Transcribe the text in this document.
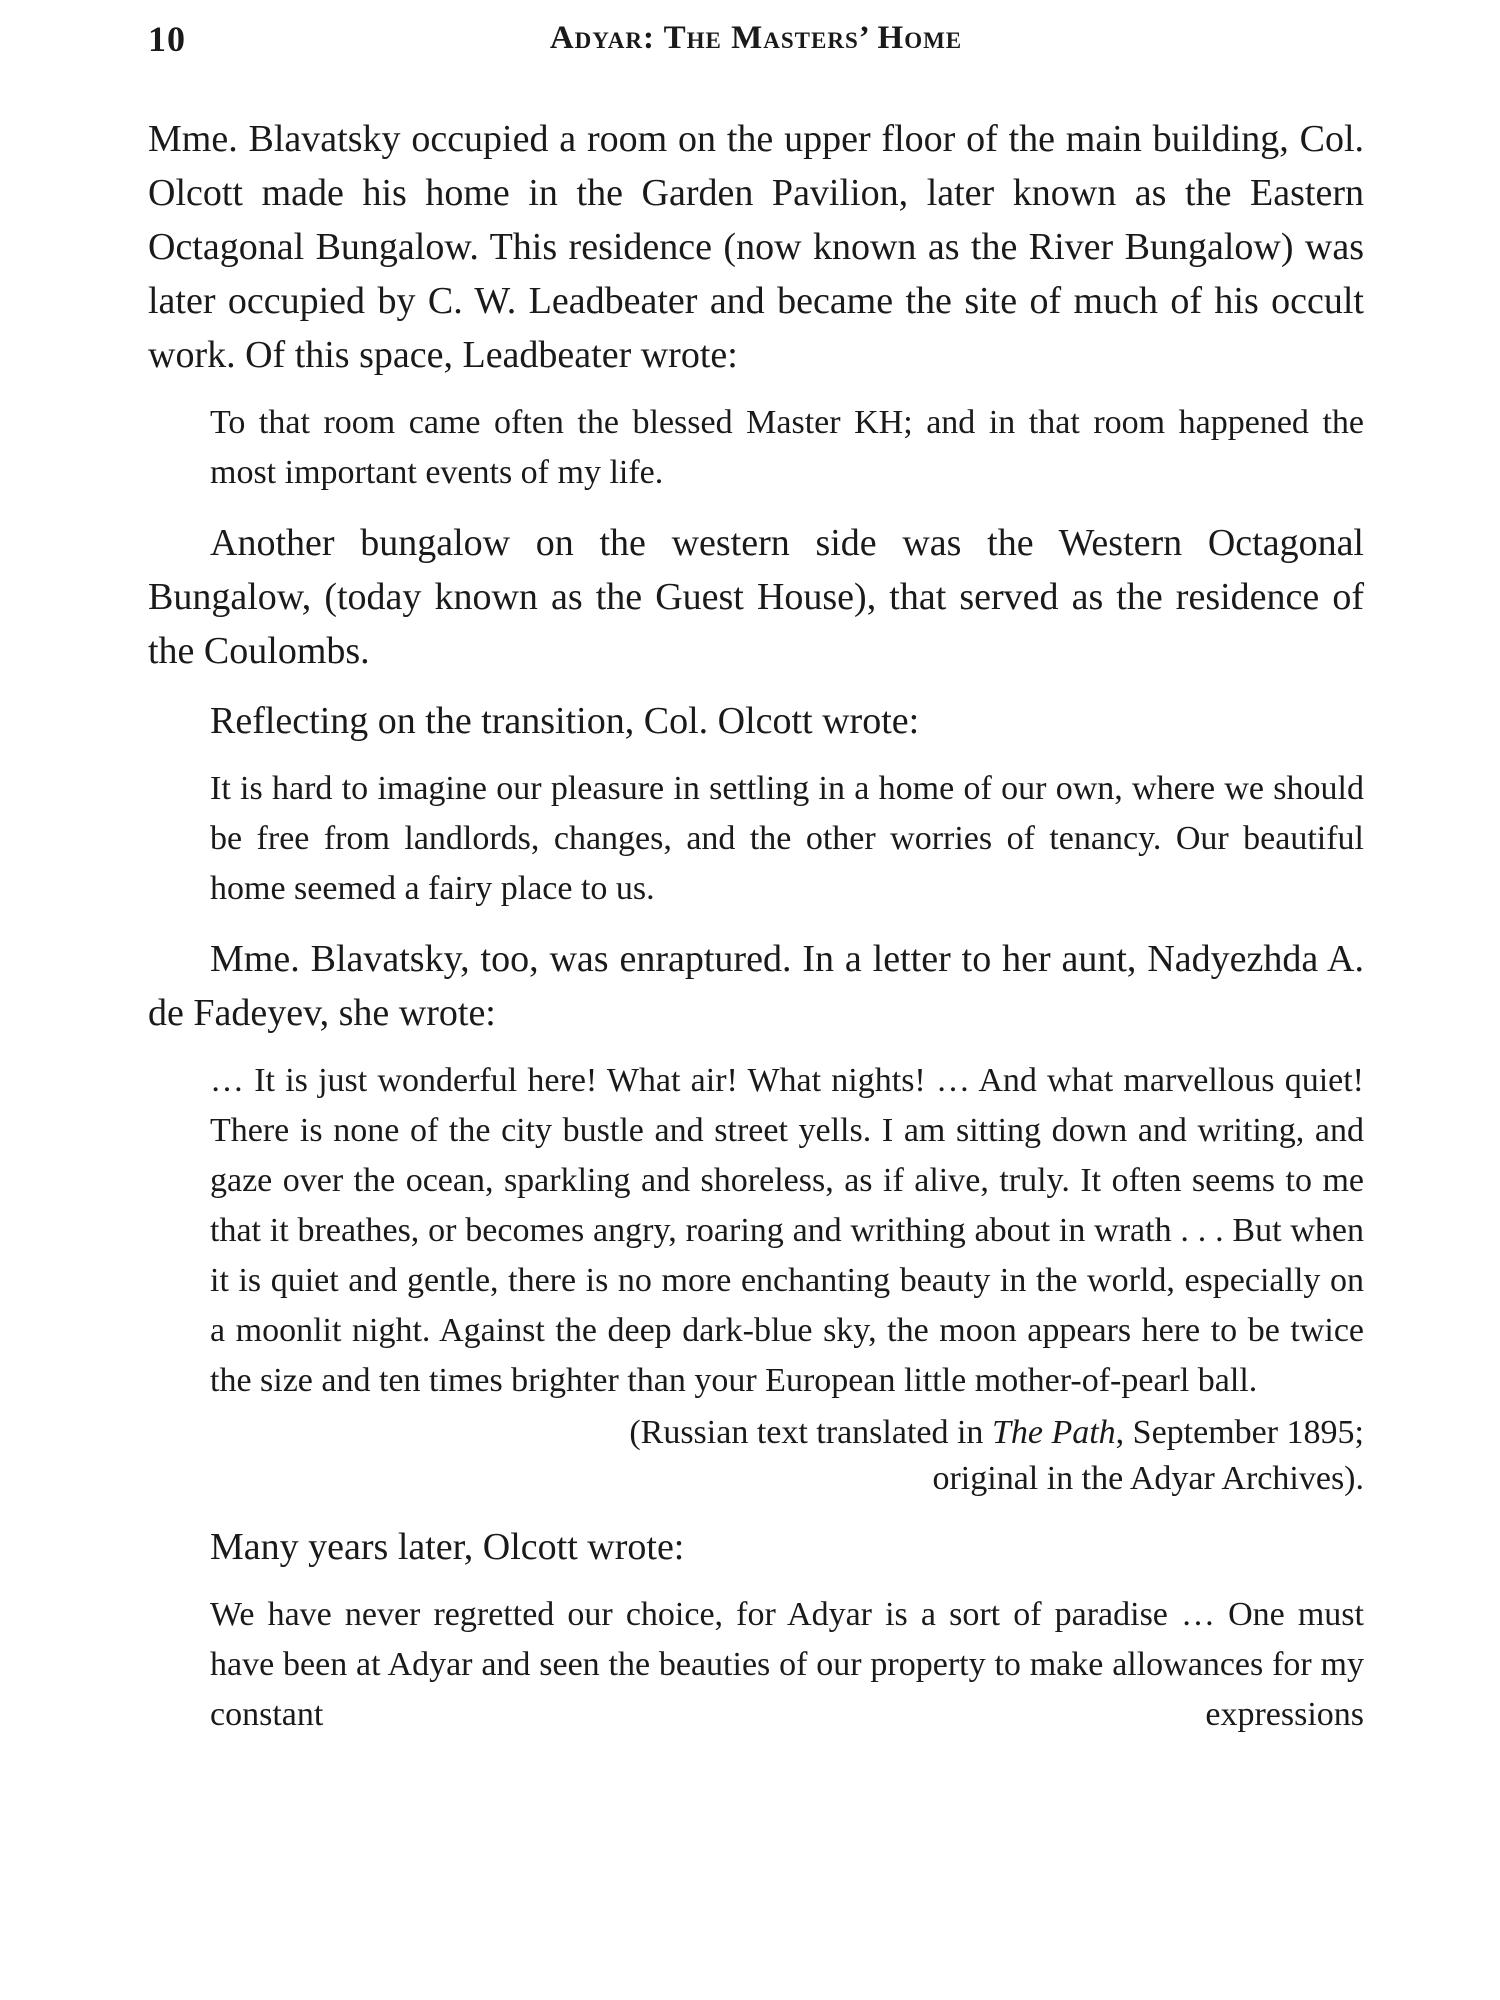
10	Adyar: The Masters’ Home

Mme. Blavatsky occupied a room on the upper floor of the main building, Col. Olcott made his home in the Garden Pavilion, later known as the Eastern Octagonal Bungalow. This residence (now known as the River Bungalow) was later occupied by C. W. Leadbeater and became the site of much of his occult work. Of this space, Leadbeater wrote:

To that room came often the blessed Master KH; and in that room happened the most important events of my life.

Another bungalow on the western side was the Western Octagonal Bungalow, (today known as the Guest House), that served as the residence of the Coulombs.

Reflecting on the transition, Col. Olcott wrote:

It is hard to imagine our pleasure in settling in a home of our own, where we should be free from landlords, changes, and the other worries of tenancy. Our beautiful home seemed a fairy place to us.

Mme. Blavatsky, too, was enraptured. In a letter to her aunt, Nadyezhda A. de Fadeyev, she wrote:

… It is just wonderful here! What air! What nights! … And what marvellous quiet! There is none of the city bustle and street yells. I am sitting down and writing, and gaze over the ocean, sparkling and shoreless, as if alive, truly. It often seems to me that it breathes, or becomes angry, roaring and writhing about in wrath . . . But when it is quiet and gentle, there is no more enchanting beauty in the world, especially on a moonlit night. Against the deep dark-blue sky, the moon appears here to be twice the size and ten times brighter than your European little mother-of-pearl ball.

(Russian text translated in The Path, September 1895;
original in the Adyar Archives).

Many years later, Olcott wrote:

We have never regretted our choice, for Adyar is a sort of paradise … One must have been at Adyar and seen the beauties of our property to make allowances for my constant expressions
